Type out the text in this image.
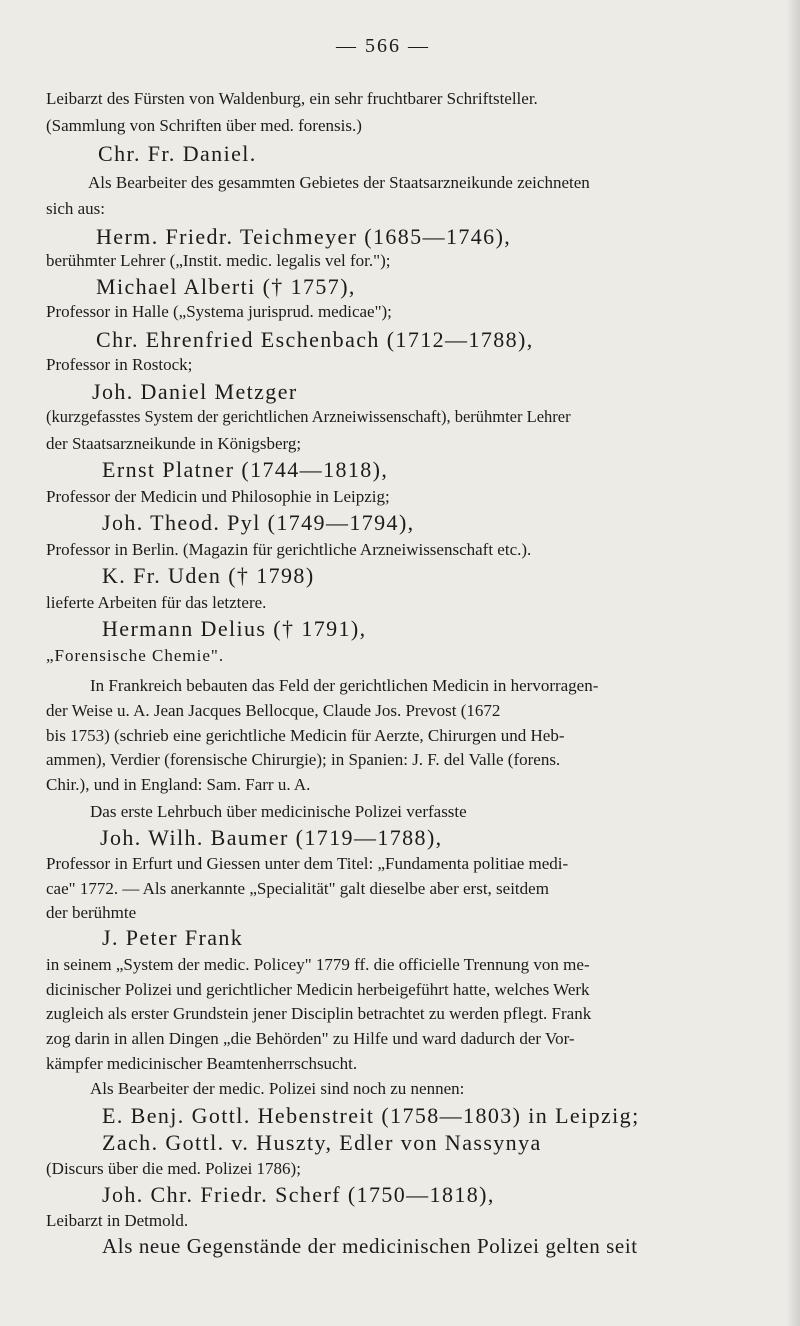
— 566 —
Leibarzt des Fürsten von Waldenburg, ein sehr fruchtbarer Schriftsteller.
(Sammlung von Schriften über med. forensis.)
Chr. Fr. Daniel.
Als Bearbeiter des gesammten Gebietes der Staatsarzneikunde zeichneten
sich aus:
Herm. Friedr. Teichmeyer (1685—1746),
berühmter Lehrer („Instit. medic. legalis vel for.");
Michael Alberti († 1757),
Professor in Halle („Systema jurisprud. medicae");
Chr. Ehrenfried Eschenbach (1712—1788),
Professor in Rostock;
Joh. Daniel Metzger
(kurzgefasstes System der gerichtlichen Arzneiwissenschaft), berühmter Lehrer
der Staatsarzneikunde in Königsberg;
Ernst Platner (1744—1818),
Professor der Medicin und Philosophie in Leipzig;
Joh. Theod. Pyl (1749—1794),
Professor in Berlin. (Magazin für gerichtliche Arzneiwissenschaft etc.).
K. Fr. Uden († 1798)
lieferte Arbeiten für das letztere.
Hermann Delius († 1791),
„Forensische Chemie".
In Frankreich bebauten das Feld der gerichtlichen Medicin in hervorragen-
der Weise u. A. Jean Jacques Bellocque, Claude Jos. Prevost (1672
bis 1753) (schrieb eine gerichtliche Medicin für Aerzte, Chirurgen und Heb-
ammen), Verdier (forensische Chirurgie); in Spanien: J. F. del Valle (forens.
Chir.), und in England: Sam. Farr u. A.
Das erste Lehrbuch über medicinische Polizei verfasste
Joh. Wilh. Baumer (1719—1788),
Professor in Erfurt und Giessen unter dem Titel: „Fundamenta politiae medi-
cae" 1772. — Als anerkannte „Specialität" galt dieselbe aber erst, seitdem
der berühmte
J. Peter Frank
in seinem „System der medic. Policey" 1779 ff. die officielle Trennung von me-
dicinischer Polizei und gerichtlicher Medicin herbeigeführt hatte, welches Werk
zugleich als erster Grundstein jener Disciplin betrachtet zu werden pflegt. Frank
zog darin in allen Dingen „die Behörden" zu Hilfe und ward dadurch der Vor-
kämpfer medicinischer Beamtenherrschsucht.
Als Bearbeiter der medic. Polizei sind noch zu nennen:
E. Benj. Gottl. Hebenstreit (1758—1803) in Leipzig;
Zach. Gottl. v. Huszty, Edler von Nassynya
(Discurs über die med. Polizei 1786);
Joh. Chr. Friedr. Scherf (1750—1818),
Leibarzt in Detmold.
Als neue Gegenstände der medicinischen Polizei gelten seit
